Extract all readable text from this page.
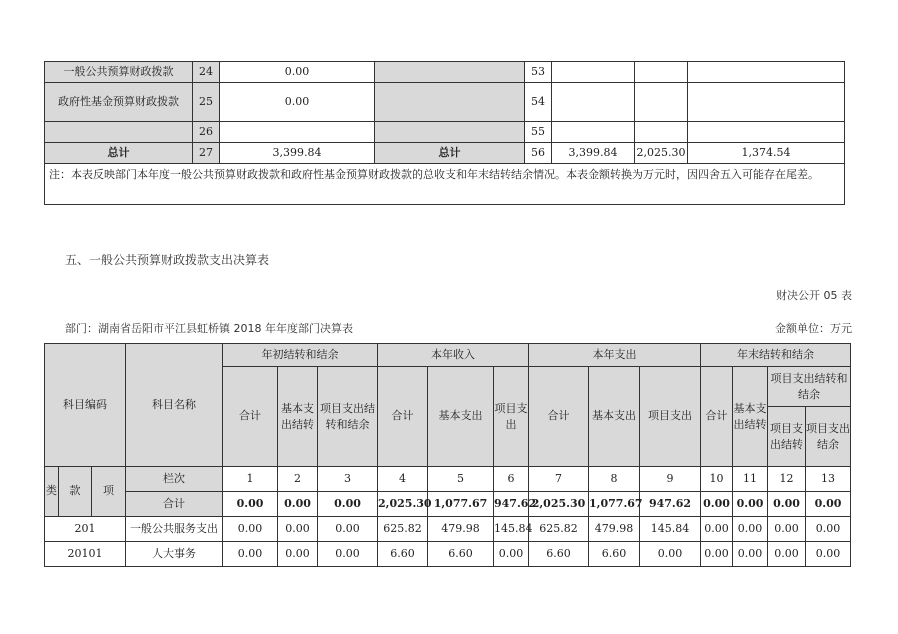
一般公共预算财政拨款	24	0.00		53			
政府性基金预算财政拨款	25	0.00		54			
	26			55			
总计	27	3,399.84	总计	56	3,399.84	2,025.30	1,374.54
注：本表反映部门本年度一般公共预算财政拨款和政府性基金预算财政拨款的总收支和年末结转结余情况。本表金额转换为万元时，因四舍五入可能存在尾差。							
五、一般公共预算财政拨款支出决算表
财决公开 05 表
部门：湖南省岳阳市平江县虹桥镇 2018 年年度部门决算表	金额单位：万元
科目编码			科目名称	年初结转和结余			本年收入			本年支出			年末结转和结余			
				合计	基本支出结转	项目支出结转和结余	合计	基本支出	项目支出	合计	基本支出	项目支出	合计	基本支出结转	项目支出结转和结余	
															项目支出结转	项目支出结余
类	款	项	栏次	1	2	3	4	5	6	7	8	9	10	11	12	13
			合计	0.00	0.00	0.00	2,025.30	1,077.67	947.62	2,025.30	1,077.67	947.62	0.00	0.00	0.00	0.00
201			一般公共服务支出	0.00	0.00	0.00	625.82	479.98	145.84	625.82	479.98	145.84	0.00	0.00	0.00	0.00
20101			人大事务	0.00	0.00	0.00	6.60	6.60	0.00	6.60	6.60	0.00	0.00	0.00	0.00	0.00
